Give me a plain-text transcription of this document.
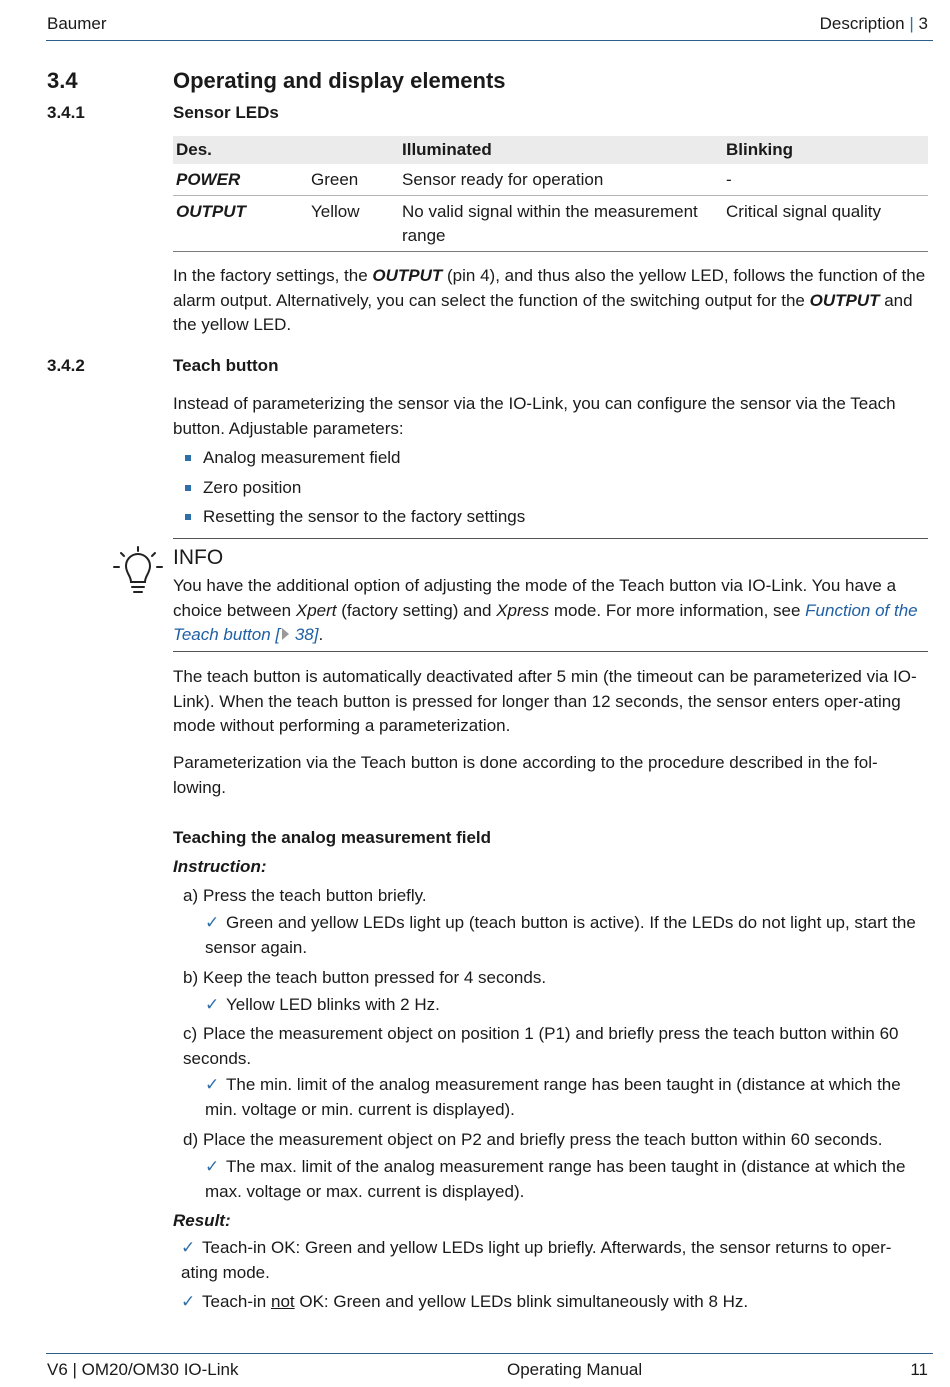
Baumer	Description | 3
3.4	Operating and display elements
3.4.1	Sensor LEDs
Des.		Illuminated	Blinking
POWER	Green	Sensor ready for operation	-
OUTPUT	Yellow	No valid signal within the measurement range	Critical signal quality

In the factory settings, the OUTPUT (pin 4), and thus also the yellow LED, follows the function of the alarm output. Alternatively, you can select the function of the switching output for the OUTPUT and the yellow LED.

3.4.2	Teach button

Instead of parameterizing the sensor via the IO-Link, you can configure the sensor via the Teach button. Adjustable parameters:

Analog measurement field
Zero position
Resetting the sensor to the factory settings
INFO

You have the additional option of adjusting the mode of the Teach button via IO-Link. You have a choice between Xpert (factory setting) and Xpress mode. For more information, see Function of the Teach button [ 38].

The teach button is automatically deactivated after 5 min (the timeout can be parameterized via IO-Link). When the teach button is pressed for longer than 12 seconds, the sensor enters oper-ating mode without performing a parameterization.
Parameterization via the Teach button is done according to the procedure described in the fol-lowing.
Teaching the analog measurement field
Instruction:
a) Press the teach button briefly.
✓ Green and yellow LEDs light up (teach button is active). If the LEDs do not light up, start the sensor again.
b) Keep the teach button pressed for 4 seconds.
✓ Yellow LED blinks with 2 Hz.
c) Place the measurement object on position 1 (P1) and briefly press the teach button within 60 seconds.
✓ The min. limit of the analog measurement range has been taught in (distance at which the min. voltage or min. current is displayed).
d) Place the measurement object on P2 and briefly press the teach button within 60 seconds.
✓ The max. limit of the analog measurement range has been taught in (distance at which the max. voltage or max. current is displayed).
Result:
✓ Teach-in OK: Green and yellow LEDs light up briefly. Afterwards, the sensor returns to oper-ating mode.
✓ Teach-in not OK: Green and yellow LEDs blink simultaneously with 8 Hz.
V6 | OM20/OM30 IO-Link	Operating Manual	11
